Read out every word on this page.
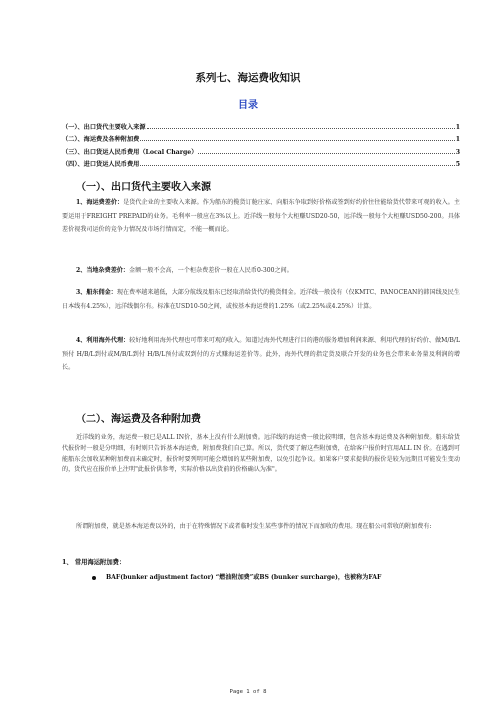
系列七、海运费收知识
目录
（一）、出口货代主要收入来源	1
（二）、海运费及各种附加费	1
（三）、出口货运人民币费用（Local Charge）	3
（四）、进口货运人民币费用	5
（一）、出口货代主要收入来源
1、海运费差价：是货代企业的主要收入来源。作为船东的揽货订舱庄家、向船东争取到好价格或签到好约价往往能给货代带来可观的收入。主要运用于FREIGHT PREPAID的业务。毛利率一般应在3%以上。近洋线一般每个大柜赚USD20-50，远洋线一般每个大柜赚USD50-200。具体差价视我司运价的竞争力情况及市场行情而定，不能一概而论。
2、当地杂费差价：金额一般不会高，一个柜杂费差价一般在人民币0-300之间。
3、船东佣金：现在费率越来越低，大部分航线及船东已经取消给货代的揽货佣金。近洋线一般没有（仅KMTC、PANOCEAN的韩国线及民生日本线有4.25%），远洋线偶尔有。标准在USD10-50之间，或按基本海运费的1.25%（或2.25%或4.25%）计算。
4、利用海外代理：较好地利用海外代理也可带来可观的收入。知道过海外代理进行目的港的服务增加利润来源、利用代理的好约价、做M/B/L预付 H/B/L到付或M/B/L到付 H/B/L预付或双到付的方式赚海运差价等。此外，海外代理的指定货及联合开发的业务也会带来业务量及利润的增长。
（二）、海运费及各种附加费
近洋线的业务，海运费一般已是ALL IN价，基本上没有什么附加费。远洋线的海运费一般比较明细，包含基本海运费及各种附加费。船东给货代报价时一般是分明细，有时则只告诉基本海运费，附加费我们自己算。所以，货代要了解这些附加费，在给客户报价时宜用ALL IN 价。在遇到可能船东会加收某种附加费而未确定时，报价时要列明可能会增加的某些附加费，以免引起争议。如果客户要求提供的报价是较为远期且可能发生变动的，货代应在报价单上注明"此报价供参考，实际价格以出货前的价格确认为准"。
所谓附加费，就是基本海运费以外的，由于在特殊情况下或者临时发生某些事件的情况下而加收的费用。现在船公司常收的附加费有:
1、 常用海运附加费：
BAF(bunker adjustment factor) “燃油附加费”或BS (bunker surcharge)，也被称为FAF
Page 1 of 8
